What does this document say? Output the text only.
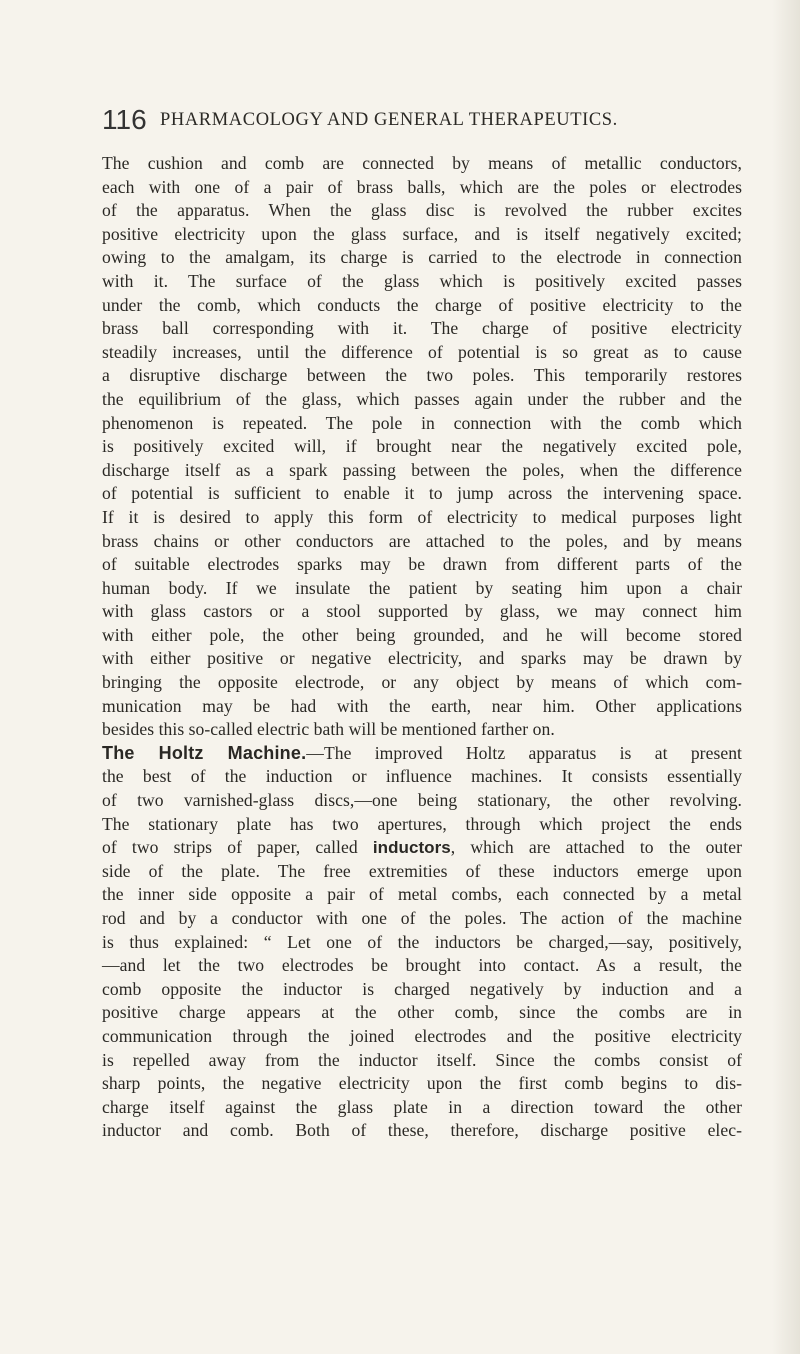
116 PHARMACOLOGY AND GENERAL THERAPEUTICS.
The cushion and comb are connected by means of metallic conductors,
each with one of a pair of brass balls, which are the poles or electrodes
of the apparatus. When the glass disc is revolved the rubber excites
positive electricity upon the glass surface, and is itself negatively excited;
owing to the amalgam, its charge is carried to the electrode in connection
with it. The surface of the glass which is positively excited passes
under the comb, which conducts the charge of positive electricity to the
brass ball corresponding with it. The charge of positive electricity
steadily increases, until the difference of potential is so great as to cause
a disruptive discharge between the two poles. This temporarily restores
the equilibrium of the glass, which passes again under the rubber and the
phenomenon is repeated. The pole in connection with the comb which
is positively excited will, if brought near the negatively excited pole,
discharge itself as a spark passing between the poles, when the difference
of potential is sufficient to enable it to jump across the intervening space.
If it is desired to apply this form of electricity to medical purposes light
brass chains or other conductors are attached to the poles, and by means
of suitable electrodes sparks may be drawn from different parts of the
human body. If we insulate the patient by seating him upon a chair
with glass castors or a stool supported by glass, we may connect him
with either pole, the other being grounded, and he will become stored
with either positive or negative electricity, and sparks may be drawn by
bringing the opposite electrode, or any object by means of which com-
munication may be had with the earth, near him. Other applications
besides this so-called electric bath will be mentioned farther on.
The Holtz Machine.—The improved Holtz apparatus is at present
the best of the induction or influence machines. It consists essentially
of two varnished-glass discs,—one being stationary, the other revolving.
The stationary plate has two apertures, through which project the ends
of two strips of paper, called inductors, which are attached to the outer
side of the plate. The free extremities of these inductors emerge upon
the inner side opposite a pair of metal combs, each connected by a metal
rod and by a conductor with one of the poles. The action of the machine
is thus explained: “ Let one of the inductors be charged,—say, positively,
—and let the two electrodes be brought into contact. As a result, the
comb opposite the inductor is charged negatively by induction and a
positive charge appears at the other comb, since the combs are in
communication through the joined electrodes and the positive electricity
is repelled away from the inductor itself. Since the combs consist of
sharp points, the negative electricity upon the first comb begins to dis-
charge itself against the glass plate in a direction toward the other
inductor and comb. Both of these, therefore, discharge positive elec-
